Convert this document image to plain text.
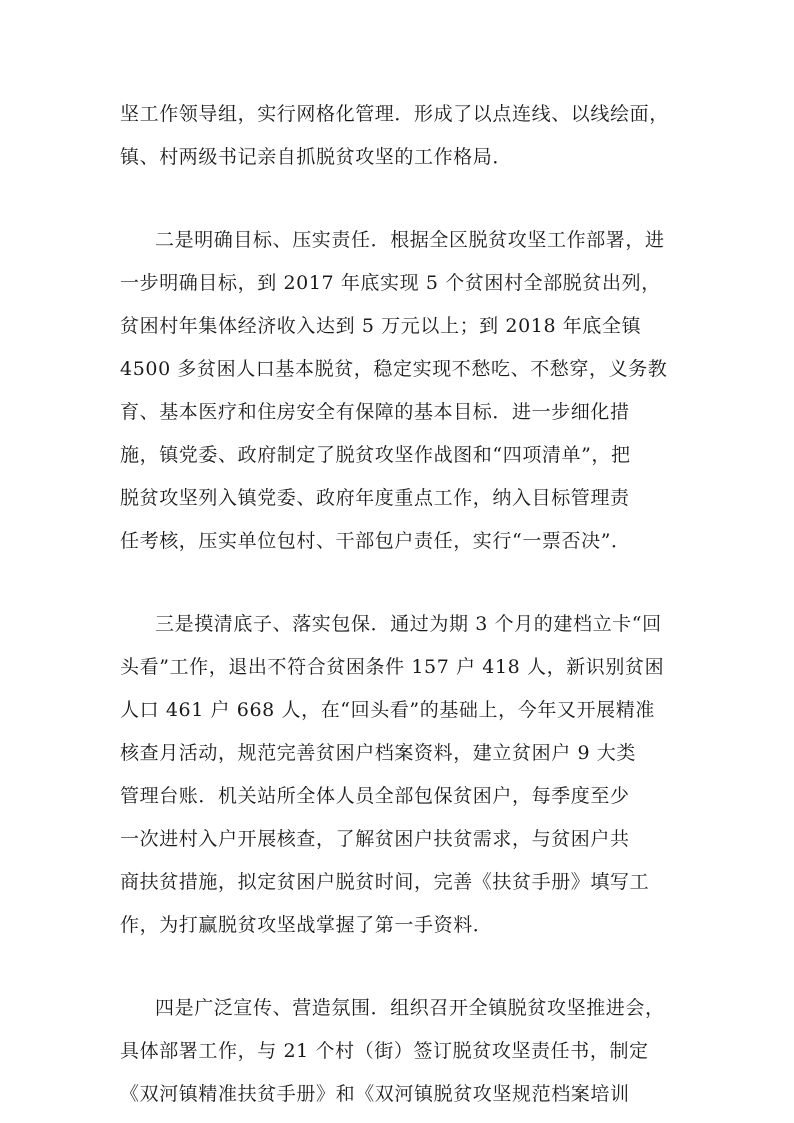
坚工作领导组，实行网格化管理．形成了以点连线、以线绘面，
镇、村两级书记亲自抓脱贫攻坚的工作格局．
二是明确目标、压实责任．根据全区脱贫攻坚工作部署，进
一步明确目标，到 2017 年底实现 5 个贫困村全部脱贫出列，
贫困村年集体经济收入达到 5 万元以上；到 2018 年底全镇
4500 多贫困人口基本脱贫，稳定实现不愁吃、不愁穿，义务教
育、基本医疗和住房安全有保障的基本目标．进一步细化措
施，镇党委、政府制定了脱贫攻坚作战图和“四项清单”，把
脱贫攻坚列入镇党委、政府年度重点工作，纳入目标管理责
任考核，压实单位包村、干部包户责任，实行“一票否决”．
三是摸清底子、落实包保．通过为期 3 个月的建档立卡“回
头看”工作，退出不符合贫困条件 157 户 418 人，新识别贫困
人口 461 户 668 人，在“回头看”的基础上，今年又开展精准
核查月活动，规范完善贫困户档案资料，建立贫困户 9 大类
管理台账．机关站所全体人员全部包保贫困户，每季度至少
一次进村入户开展核查，了解贫困户扶贫需求，与贫困户共
商扶贫措施，拟定贫困户脱贫时间，完善《扶贫手册》填写工
作，为打赢脱贫攻坚战掌握了第一手资料．
四是广泛宣传、营造氛围．组织召开全镇脱贫攻坚推进会，
具体部署工作，与 21 个村（街）签订脱贫攻坚责任书，制定
《双河镇精准扶贫手册》和《双河镇脱贫攻坚规范档案培训
